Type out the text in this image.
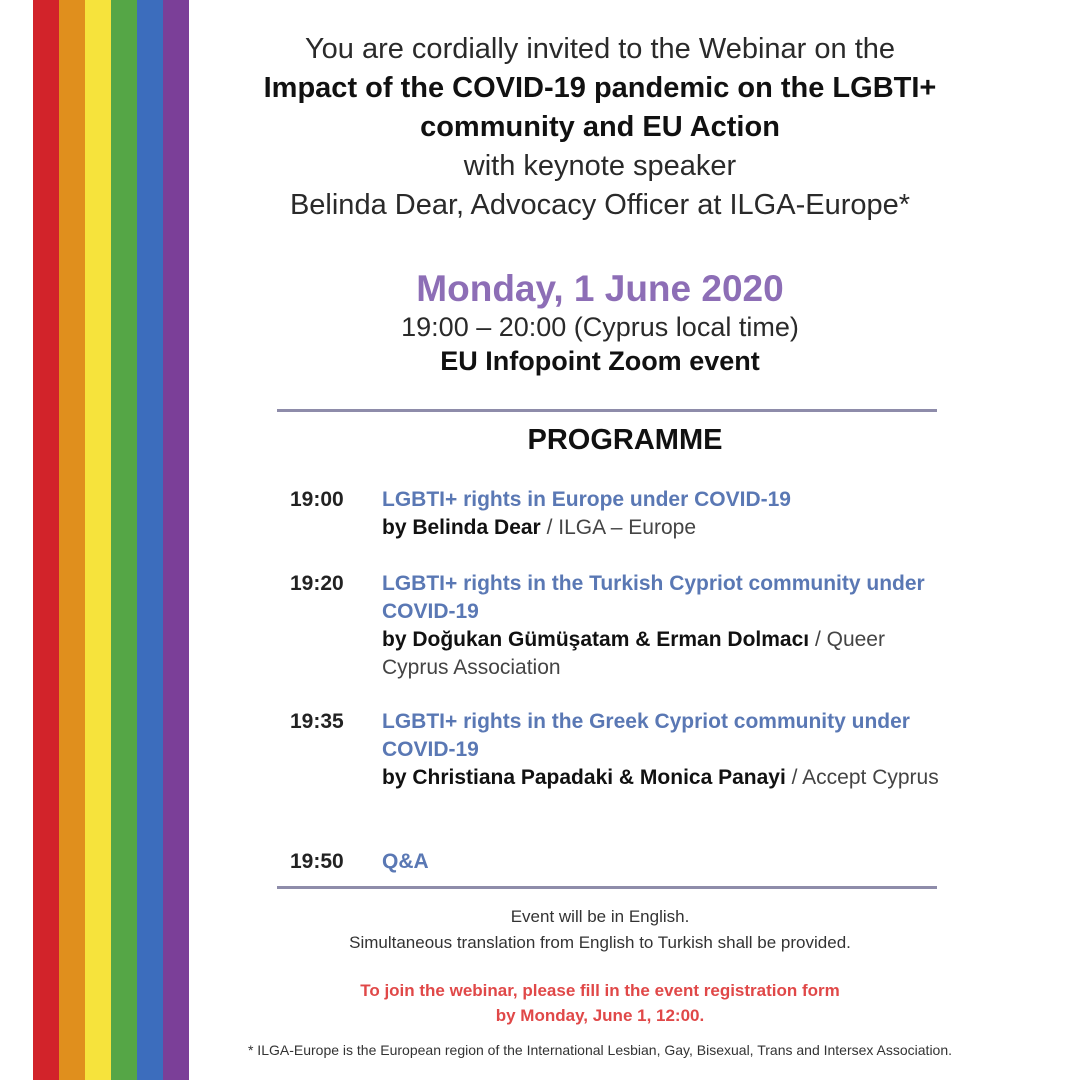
You are cordially invited to the Webinar on the
Impact of the COVID-19 pandemic on the LGBTI+
community and EU Action
with keynote speaker
Belinda Dear, Advocacy Officer at ILGA-Europe*
Monday, 1 June 2020
19:00 – 20:00 (Cyprus local time)
EU Infopoint Zoom event
PROGRAMME
19:00 LGBTI+ rights in Europe under COVID-19
by Belinda Dear / ILGA – Europe
19:20 LGBTI+ rights in the Turkish Cypriot community under COVID-19
by Doğukan Gümüşatam & Erman Dolmacı / Queer Cyprus Association
19:35 LGBTI+ rights in the Greek Cypriot community under COVID-19
by Christiana Papadaki & Monica Panayi / Accept Cyprus
19:50 Q&A
Event will be in English.
Simultaneous translation from English to Turkish shall be provided.
To join the webinar, please fill in the event registration form
by Monday, June 1, 12:00.
* ILGA-Europe is the European region of the International Lesbian, Gay, Bisexual, Trans and Intersex Association.
